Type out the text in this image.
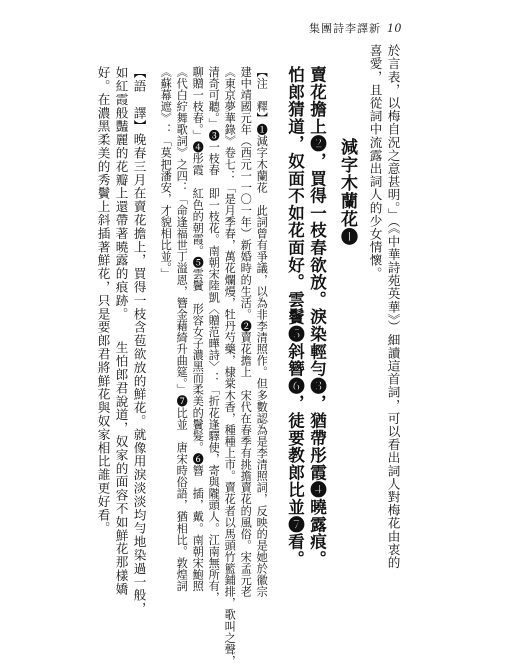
集團詩李譯新 10
於言表，以梅自況之意甚明。」（《中華詩苑英華》）細讀這首詞，可以看出詞人對梅花由衷的
喜愛，且從詞中流露出詞人的少女情懷。
減字木蘭花❶
賣花擔上❷，買得一枝春欲放。淚染輕勻❸，猶帶彤霞❹曉露痕。
怕郎猜道，奴面不如花面好。雲鬢❺斜簪❻，徒要教郎比並❼看。
【注　釋】❶減字木蘭花　此詞曾有爭議，以為非李清照作。但多數認為是李清照詞，反映的是她於徽宗
建中靖國元年（西元一一〇一年）新婚時的生活。❷賣花擔上　宋代在春季有挑擔賣花的風俗。宋孟元老
《東京夢華錄》卷七：「是月季春，萬花爛熳，牡丹芍藥，棣棠木香，種種上市。賣花者以馬頭竹籃鋪排，歌叫之聲，
清奇可聽。」❸一枝春　即一枝花。南朝宋陸凱〈贈范曄詩〉：「折花逢驛使，寄與隴頭人。江南無所有，
聊贈一枝春。」❹彤霞　紅色的朝霞。❺雲鬢　形容女子濃黑而柔美的鬢髮。❻簪　插，戴。南朝宋鮑照
《代白紵舞歌詞》之四：「命逢福世丁溢恩，簪金藉綺升曲筵。」❼比並　唐宋時俗語，猶相比。敦煌詞
《蘇幕遮》：「莫把潘安，才貌相比並。」
【語　譯】晚春三月在賣花擔上，買得一枝含苞欲放的鮮花。就像用淚淡淡均勻地染過一般，
如紅霞般豔麗的花瓣上還帶著曉露的痕跡。　　生怕郎君說道，奴家的面容不如鮮花那樣嬌
好。在濃黑柔美的秀鬢上斜插著鮮花，只是要郎君將鮮花與奴家相比誰更好看。
